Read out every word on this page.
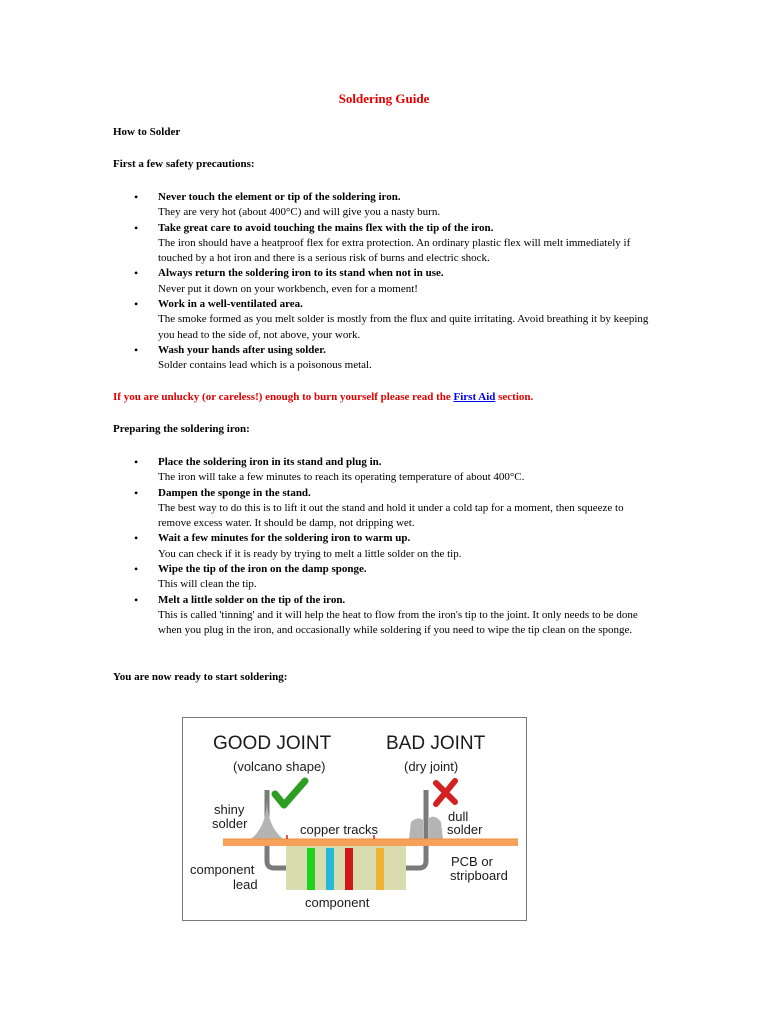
Soldering Guide
How to Solder
First a few safety precautions:
• Never touch the element or tip of the soldering iron.
They are very hot (about 400°C) and will give you a nasty burn.
• Take great care to avoid touching the mains flex with the tip of the iron.
The iron should have a heatproof flex for extra protection. An ordinary plastic flex will melt immediately if touched by a hot iron and there is a serious risk of burns and electric shock.
• Always return the soldering iron to its stand when not in use.
Never put it down on your workbench, even for a moment!
• Work in a well-ventilated area.
The smoke formed as you melt solder is mostly from the flux and quite irritating. Avoid breathing it by keeping you head to the side of, not above, your work.
• Wash your hands after using solder.
Solder contains lead which is a poisonous metal.
If you are unlucky (or careless!) enough to burn yourself please read the First Aid section.
Preparing the soldering iron:
• Place the soldering iron in its stand and plug in.
The iron will take a few minutes to reach its operating temperature of about 400°C.
• Dampen the sponge in the stand.
The best way to do this is to lift it out the stand and hold it under a cold tap for a moment, then squeeze to remove excess water. It should be damp, not dripping wet.
• Wait a few minutes for the soldering iron to warm up.
You can check if it is ready by trying to melt a little solder on the tip.
• Wipe the tip of the iron on the damp sponge.
This will clean the tip.
• Melt a little solder on the tip of the iron.
This is called 'tinning' and it will help the heat to flow from the iron's tip to the joint. It only needs to be done when you plug in the iron, and occasionally while soldering if you need to wipe the tip clean on the sponge.
You are now ready to start soldering:
GOOD JOINT
(volcano shape)
BAD JOINT
(dry joint)
shiny
solder	copper tracks
dull
solder
component
lead
PCB or
stripboard
component
